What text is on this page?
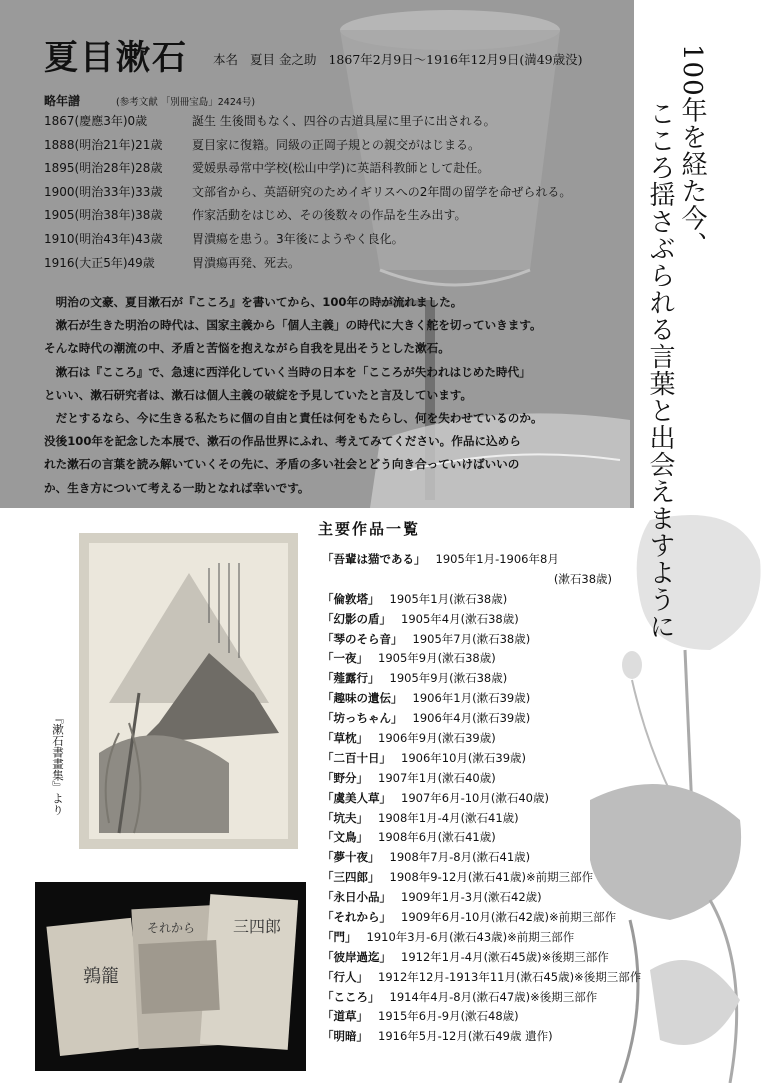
夏目漱石 本名 夏目 金之助 1867年2月9日〜1916年12月9日(満49歳没)
略年譜	(参考文献 「別冊宝島」2424号)
1867(慶應3年)0歳	誕生 生後間もなく、四谷の古道具屋に里子に出される。
1888(明治21年)21歳 夏目家に復籍。同級の正岡子規との親交がはじまる。
1895(明治28年)28歳 愛媛県尋常中学校(松山中学)に英語科教師として赴任。
1900(明治33年)33歳 文部省から、英語研究のためイギリスへの2年間の留学を命ぜられる。
1905(明治38年)38歳 作家活動をはじめ、その後数々の作品を生み出す。
1910(明治43年)43歳 胃潰瘍を患う。3年後にようやく良化。
1916(大正5年)49歳	胃潰瘍再発、死去。

　明治の文豪、夏目漱石が『こころ』を書いてから、100年の時が流れました。

　漱石が生きた明治の時代は、国家主義から「個人主義」の時代に大きく舵を切っていきます。

そんな時代の潮流の中、矛盾と苦悩を抱えながら自我を見出そうとした漱石。

　漱石は『こころ』で、急速に西洋化していく当時の日本を「こころが失われはじめた時代」

といい、漱石研究者は、漱石は個人主義の破綻を予見していたと言及しています。

　だとするなら、今に生きる私たちに個の自由と責任は何をもたらし、何を失わせているのか。

没後100年を記念した本展で、漱石の作品世界にふれ、考えてみてください。作品に込めら

れた漱石の言葉を読み解いていくその先に、矛盾の多い社会とどう向き合っていけばいいの

か、生き方について考える一助となれば幸いです。

100年を経た今、
こころ揺さぶられる言葉と出会えますように
『漱石書畫集』より
鶉籠
それから 三四郎
主要作品一覧
「吾輩は猫である」 1905年1月-1906年8月
(漱石38歳)
「倫敦塔」 1905年1月(漱石38歳)
「幻影の盾」 1905年4月(漱石38歳)
「琴のそら音」 1905年7月(漱石38歳)
「一夜」 1905年9月(漱石38歳)
「薤露行」 1905年9月(漱石38歳)
「趣味の遺伝」 1906年1月(漱石39歳)
「坊っちゃん」 1906年4月(漱石39歳)
「草枕」 1906年9月(漱石39歳)
「二百十日」 1906年10月(漱石39歳)
「野分」 1907年1月(漱石40歳)
「虞美人草」 1907年6月-10月(漱石40歳)
「坑夫」 1908年1月-4月(漱石41歳)
「文鳥」 1908年6月(漱石41歳)
「夢十夜」 1908年7月-8月(漱石41歳)
「三四郎」 1908年9-12月(漱石41歳)※前期三部作
「永日小品」 1909年1月-3月(漱石42歳)
「それから」 1909年6月-10月(漱石42歳)※前期三部作
「門」 1910年3月-6月(漱石43歳)※前期三部作
「彼岸過迄」 1912年1月-4月(漱石45歳)※後期三部作
「行人」 1912年12月-1913年11月(漱石45歳)※後期三部作
「こころ」 1914年4月-8月(漱石47歳)※後期三部作
「道草」 1915年6月-9月(漱石48歳)
「明暗」 1916年5月-12月(漱石49歳 遺作)
